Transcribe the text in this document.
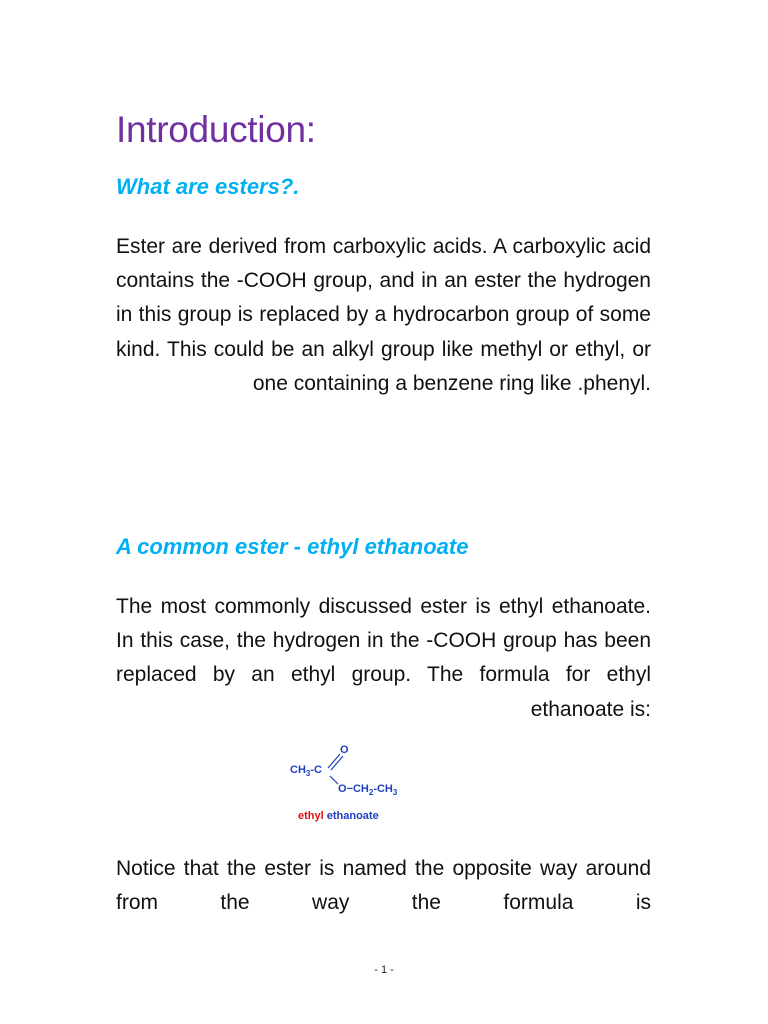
Introduction:
What are esters?.

Ester are derived from carboxylic acids. A carboxylic acid contains the -COOH group, and in an ester the hydrogen in this group is replaced by a hydrocarbon group of some kind. This could be an alkyl group like methyl or ethyl, or one containing a benzene ring like .phenyl.

A common ester - ethyl ethanoate

The most commonly discussed ester is ethyl ethanoate. In this case, the hydrogen in the -COOH group has been replaced by an ethyl group. The formula for ethyl ethanoate is:

O
$CH_3-C$
$O-CH_2-CH_3$
ethyl ethanoate

Notice that the ester is named the opposite way around from the way the formula is

- 1 -
